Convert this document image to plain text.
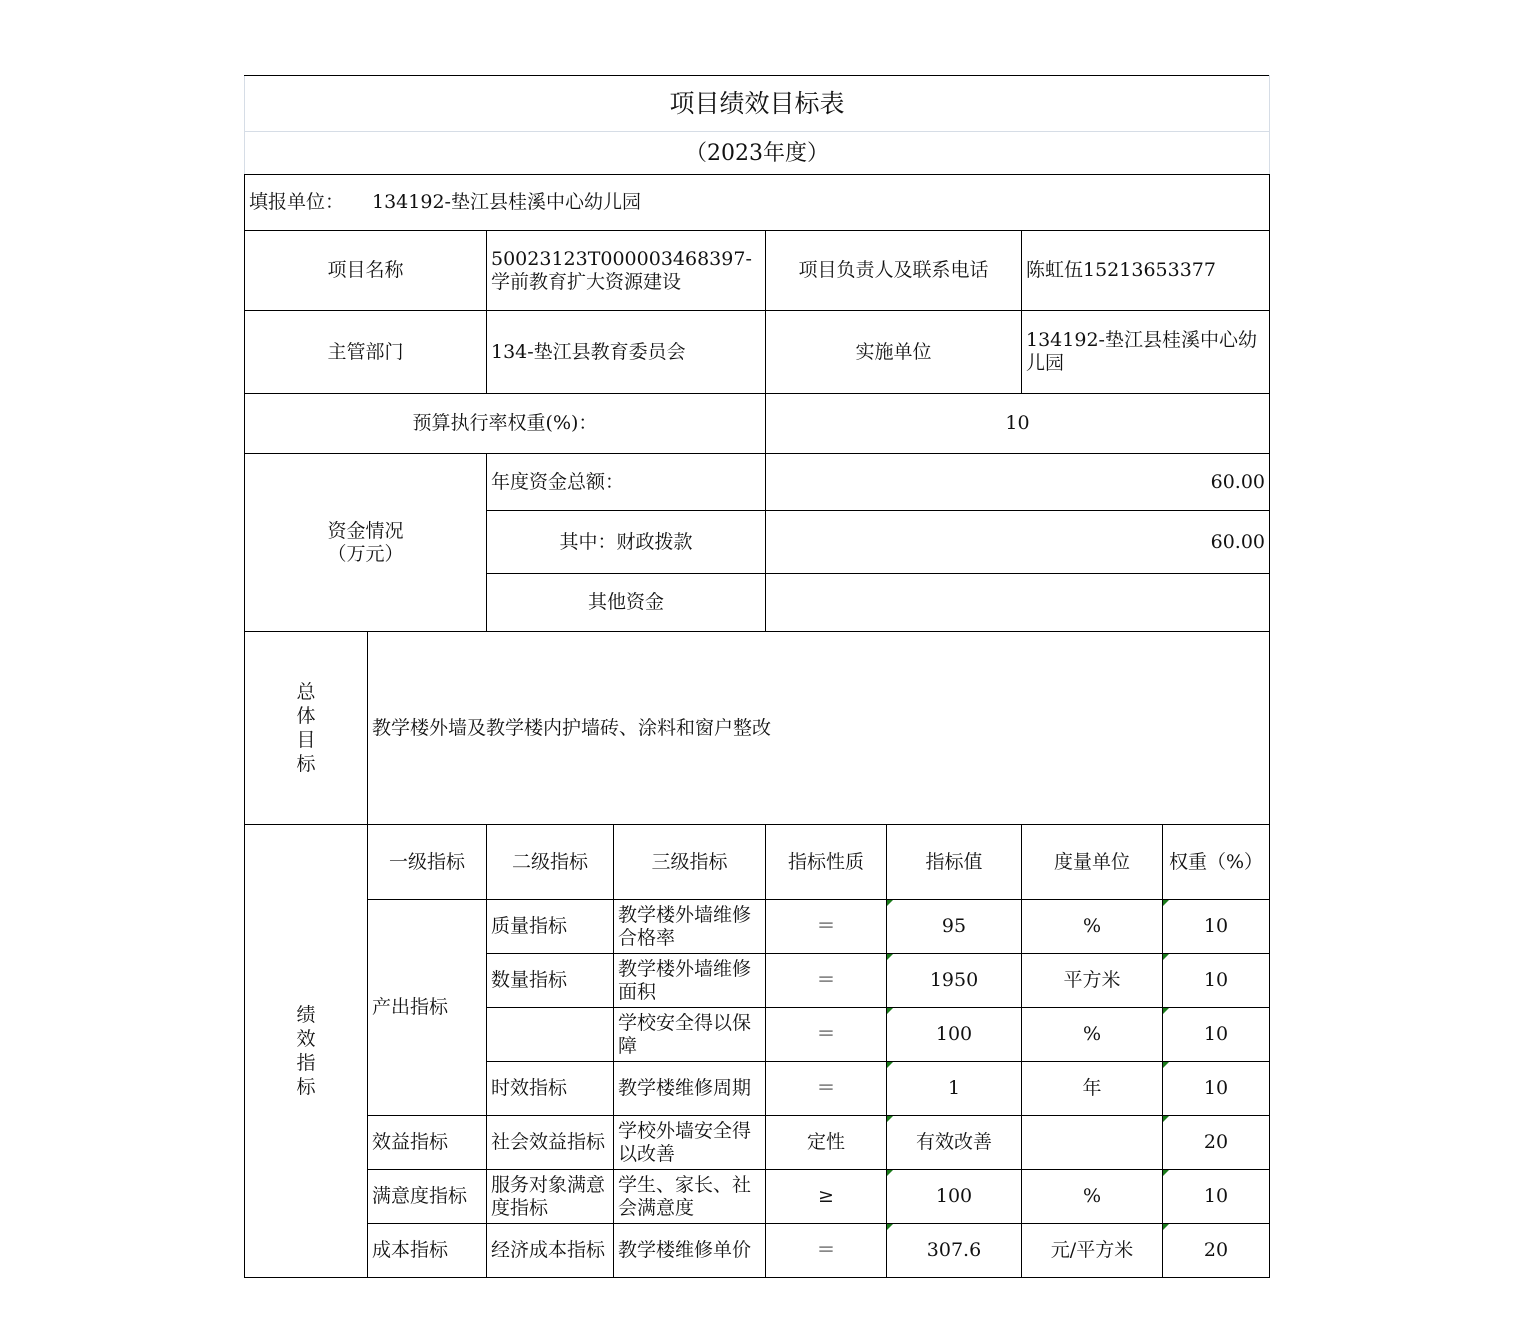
项目绩效目标表							
（2023年度）							
填报单位：	134192-垫江县桂溪中心幼儿园						
项目名称		50023123T000003468397-学前教育扩大资源建设		项目负责人及联系电话		陈虹伍15213653377	
主管部门		134-垫江县教育委员会		实施单位		134192-垫江县桂溪中心幼儿园	
预算执行率权重(%)：				10			
资金情况（万元）		年度资金总额：		60.00			
		其中：财政拨款		60.00			
		其他资金					
总体目标	教学楼外墙及教学楼内护墙砖、涂料和窗户整改						
绩效指标	一级指标	二级指标	三级指标	指标性质	指标值	度量单位	权重（%）
	产出指标	质量指标	教学楼外墙维修合格率	＝	95	%	10
		数量指标	教学楼外墙维修面积	＝	1950	平方米	10
			学校安全得以保障	＝	100	%	10
		时效指标	教学楼维修周期	＝	1	年	10
	效益指标	社会效益指标	学校外墙安全得以改善	定性	有效改善		20
	满意度指标	服务对象满意度指标	学生、家长、社会满意度	≥	100	%	10
	成本指标	经济成本指标	教学楼维修单价	＝	307.6	元/平方米	20
